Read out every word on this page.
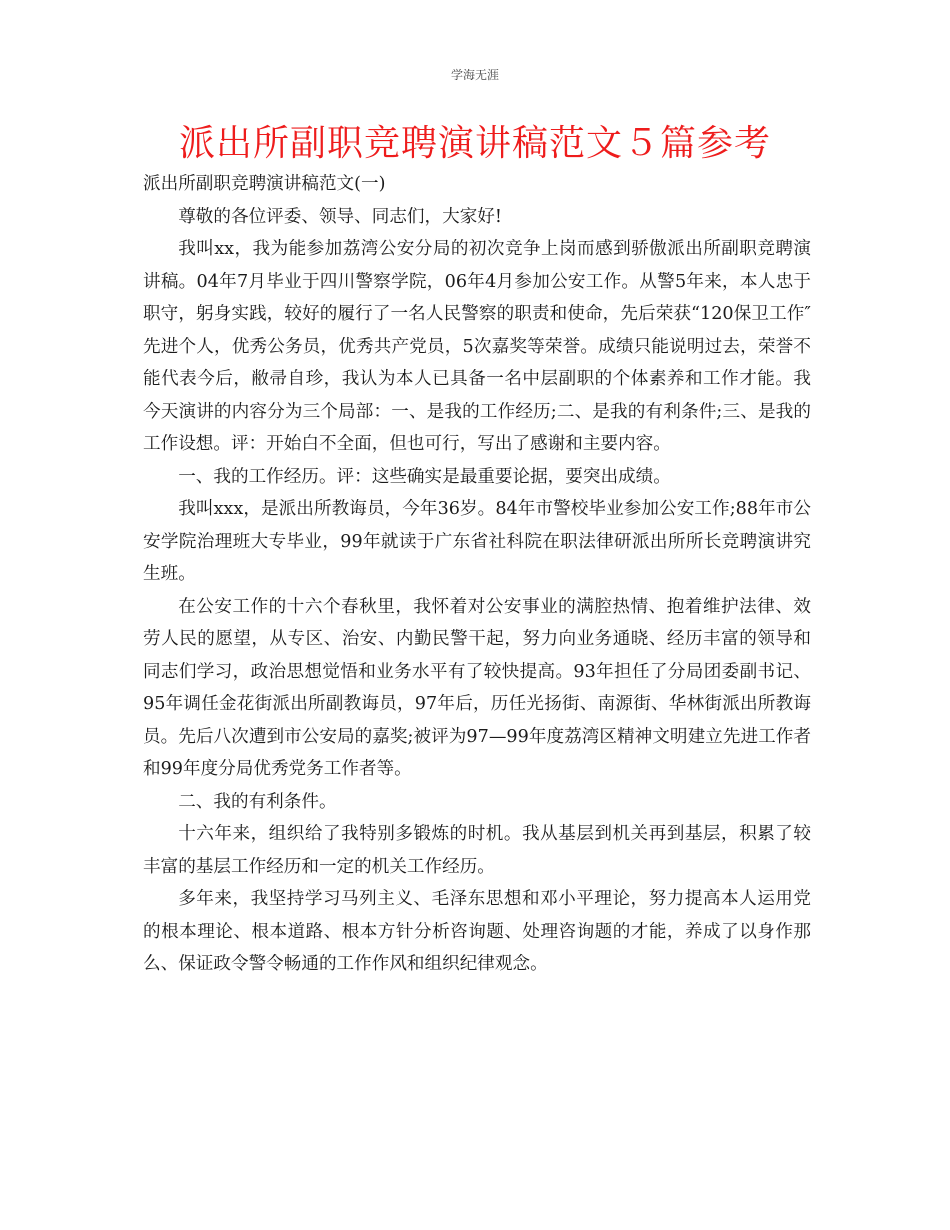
学海无涯
派出所副职竞聘演讲稿范文５篇参考

派出所副职竞聘演讲稿范文(一)

尊敬的各位评委、领导、同志们，大家好!

我叫xx，我为能参加荔湾公安分局的初次竞争上岗而感到骄傲派出所副职竞聘演讲稿。04年7月毕业于四川警察学院，06年4月参加公安工作。从警5年来，本人忠于职守，躬身实践，较好的履行了一名人民警察的职责和使命，先后荣获“120保卫工作″先进个人，优秀公务员，优秀共产党员，5次嘉奖等荣誉。成绩只能说明过去，荣誉不能代表今后，敝帚自珍，我认为本人已具备一名中层副职的个体素养和工作才能。我今天演讲的内容分为三个局部：一、是我的工作经历;二、是我的有利条件;三、是我的工作设想。评：开始白不全面，但也可行，写出了感谢和主要内容。

一、我的工作经历。评：这些确实是最重要论据，要突出成绩。

我叫xxx，是派出所教诲员，今年36岁。84年市警校毕业参加公安工作;88年市公安学院治理班大专毕业，99年就读于广东省社科院在职法律研派出所所长竞聘演讲究生班。

在公安工作的十六个春秋里，我怀着对公安事业的满腔热情、抱着维护法律、效劳人民的愿望，从专区、治安、内勤民警干起，努力向业务通晓、经历丰富的领导和同志们学习，政治思想觉悟和业务水平有了较快提高。93年担任了分局团委副书记、95年调任金花街派出所副教诲员，97年后，历任光扬街、南源街、华林街派出所教诲员。先后八次遭到市公安局的嘉奖;被评为97—99年度荔湾区精神文明建立先进工作者和99年度分局优秀党务工作者等。

二、我的有利条件。

十六年来，组织给了我特别多锻炼的时机。我从基层到机关再到基层，积累了较丰富的基层工作经历和一定的机关工作经历。

多年来，我坚持学习马列主义、毛泽东思想和邓小平理论，努力提高本人运用党的根本理论、根本道路、根本方针分析咨询题、处理咨询题的才能，养成了以身作那么、保证政令警令畅通的工作作风和组织纪律观念。
